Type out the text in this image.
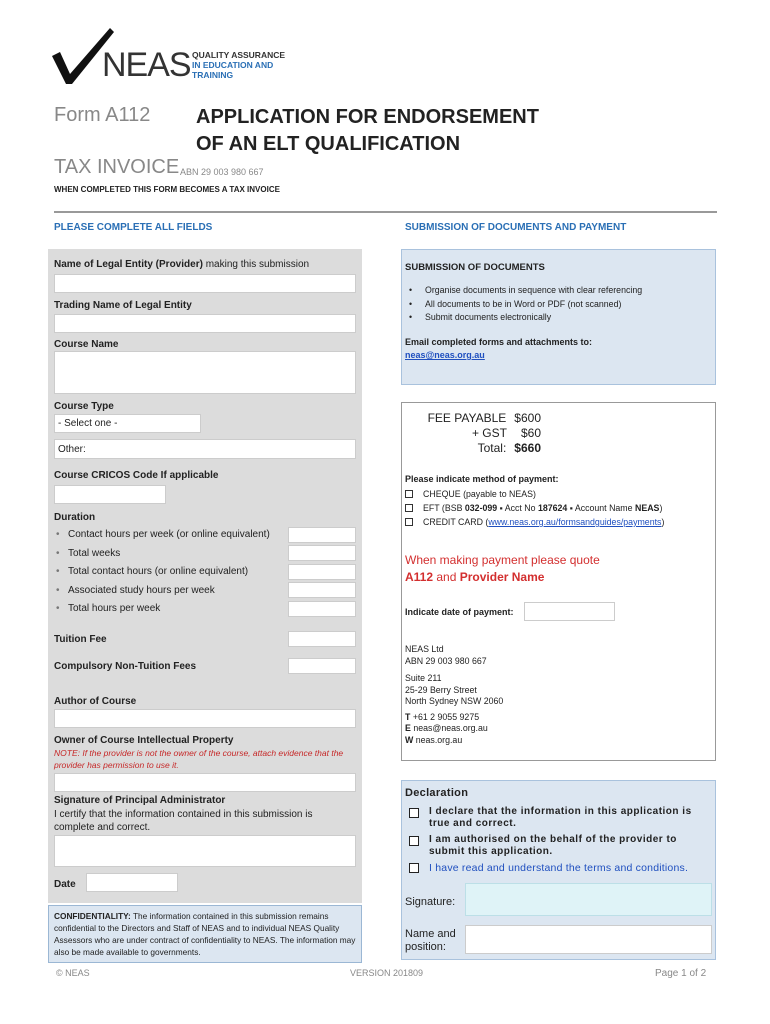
NEAS QUALITY ASSURANCE
IN EDUCATION AND
TRAINING
Form A112 APPLICATION FOR ENDORSEMENT
OF AN ELT QUALIFICATION
TAX INVOICE ABN 29 003 980 667
WHEN COMPLETED THIS FORM BECOMES A TAX INVOICE
PLEASE COMPLETE ALL FIELDS	SUBMISSION OF DOCUMENTS AND PAYMENT
Name of Legal Entity (Provider) making this submission
Trading Name of Legal Entity
Course Name
Course Type
- Select one -
Other:
Course CRICOS Code If applicable
Duration
• Contact hours per week (or online equivalent)
• Total weeks
• Total contact hours (or online equivalent)
• Associated study hours per week
• Total hours per week
Tuition Fee
Compulsory Non-Tuition Fees
Author of Course
Owner of Course Intellectual Property
NOTE: If the provider is not the owner of the course, attach evidence that the provider has permission to use it.
Signature of Principal Administrator
I certify that the information contained in this submission is complete and correct.
Date
CONFIDENTIALITY: The information contained in this submission remains confidential to the Directors and Staff of NEAS and to individual NEAS Quality Assessors who are under contract of confidentiality to NEAS. The information may also be made available to governments.
SUBMISSION OF DOCUMENTS
• Organise documents in sequence with clear referencing
• All documents to be in Word or PDF (not scanned)
• Submit documents electronically
Email completed forms and attachments to:
neas@neas.org.au
FEE PAYABLE $600
+ GST $60
Total: $660
Please indicate method of payment:
CHEQUE (payable to NEAS)
EFT (BSB 032-099 ▪ Acct No 187624 ▪ Account Name NEAS)
CREDIT CARD (www.neas.org.au/formsandguides/payments)
When making payment please quote
A112 and Provider Name
Indicate date of payment:
NEAS Ltd
ABN 29 003 980 667
Suite 211
25-29 Berry Street
North Sydney NSW 2060
T +61 2 9055 9275
E neas@neas.org.au
W neas.org.au
Declaration
I declare that the information in this application is true and correct.
I am authorised on the behalf of the provider to submit this application.
I have read and understand the terms and conditions.
Signature:
Name and position:
© NEAS	VERSION 201809	Page 1 of 2
